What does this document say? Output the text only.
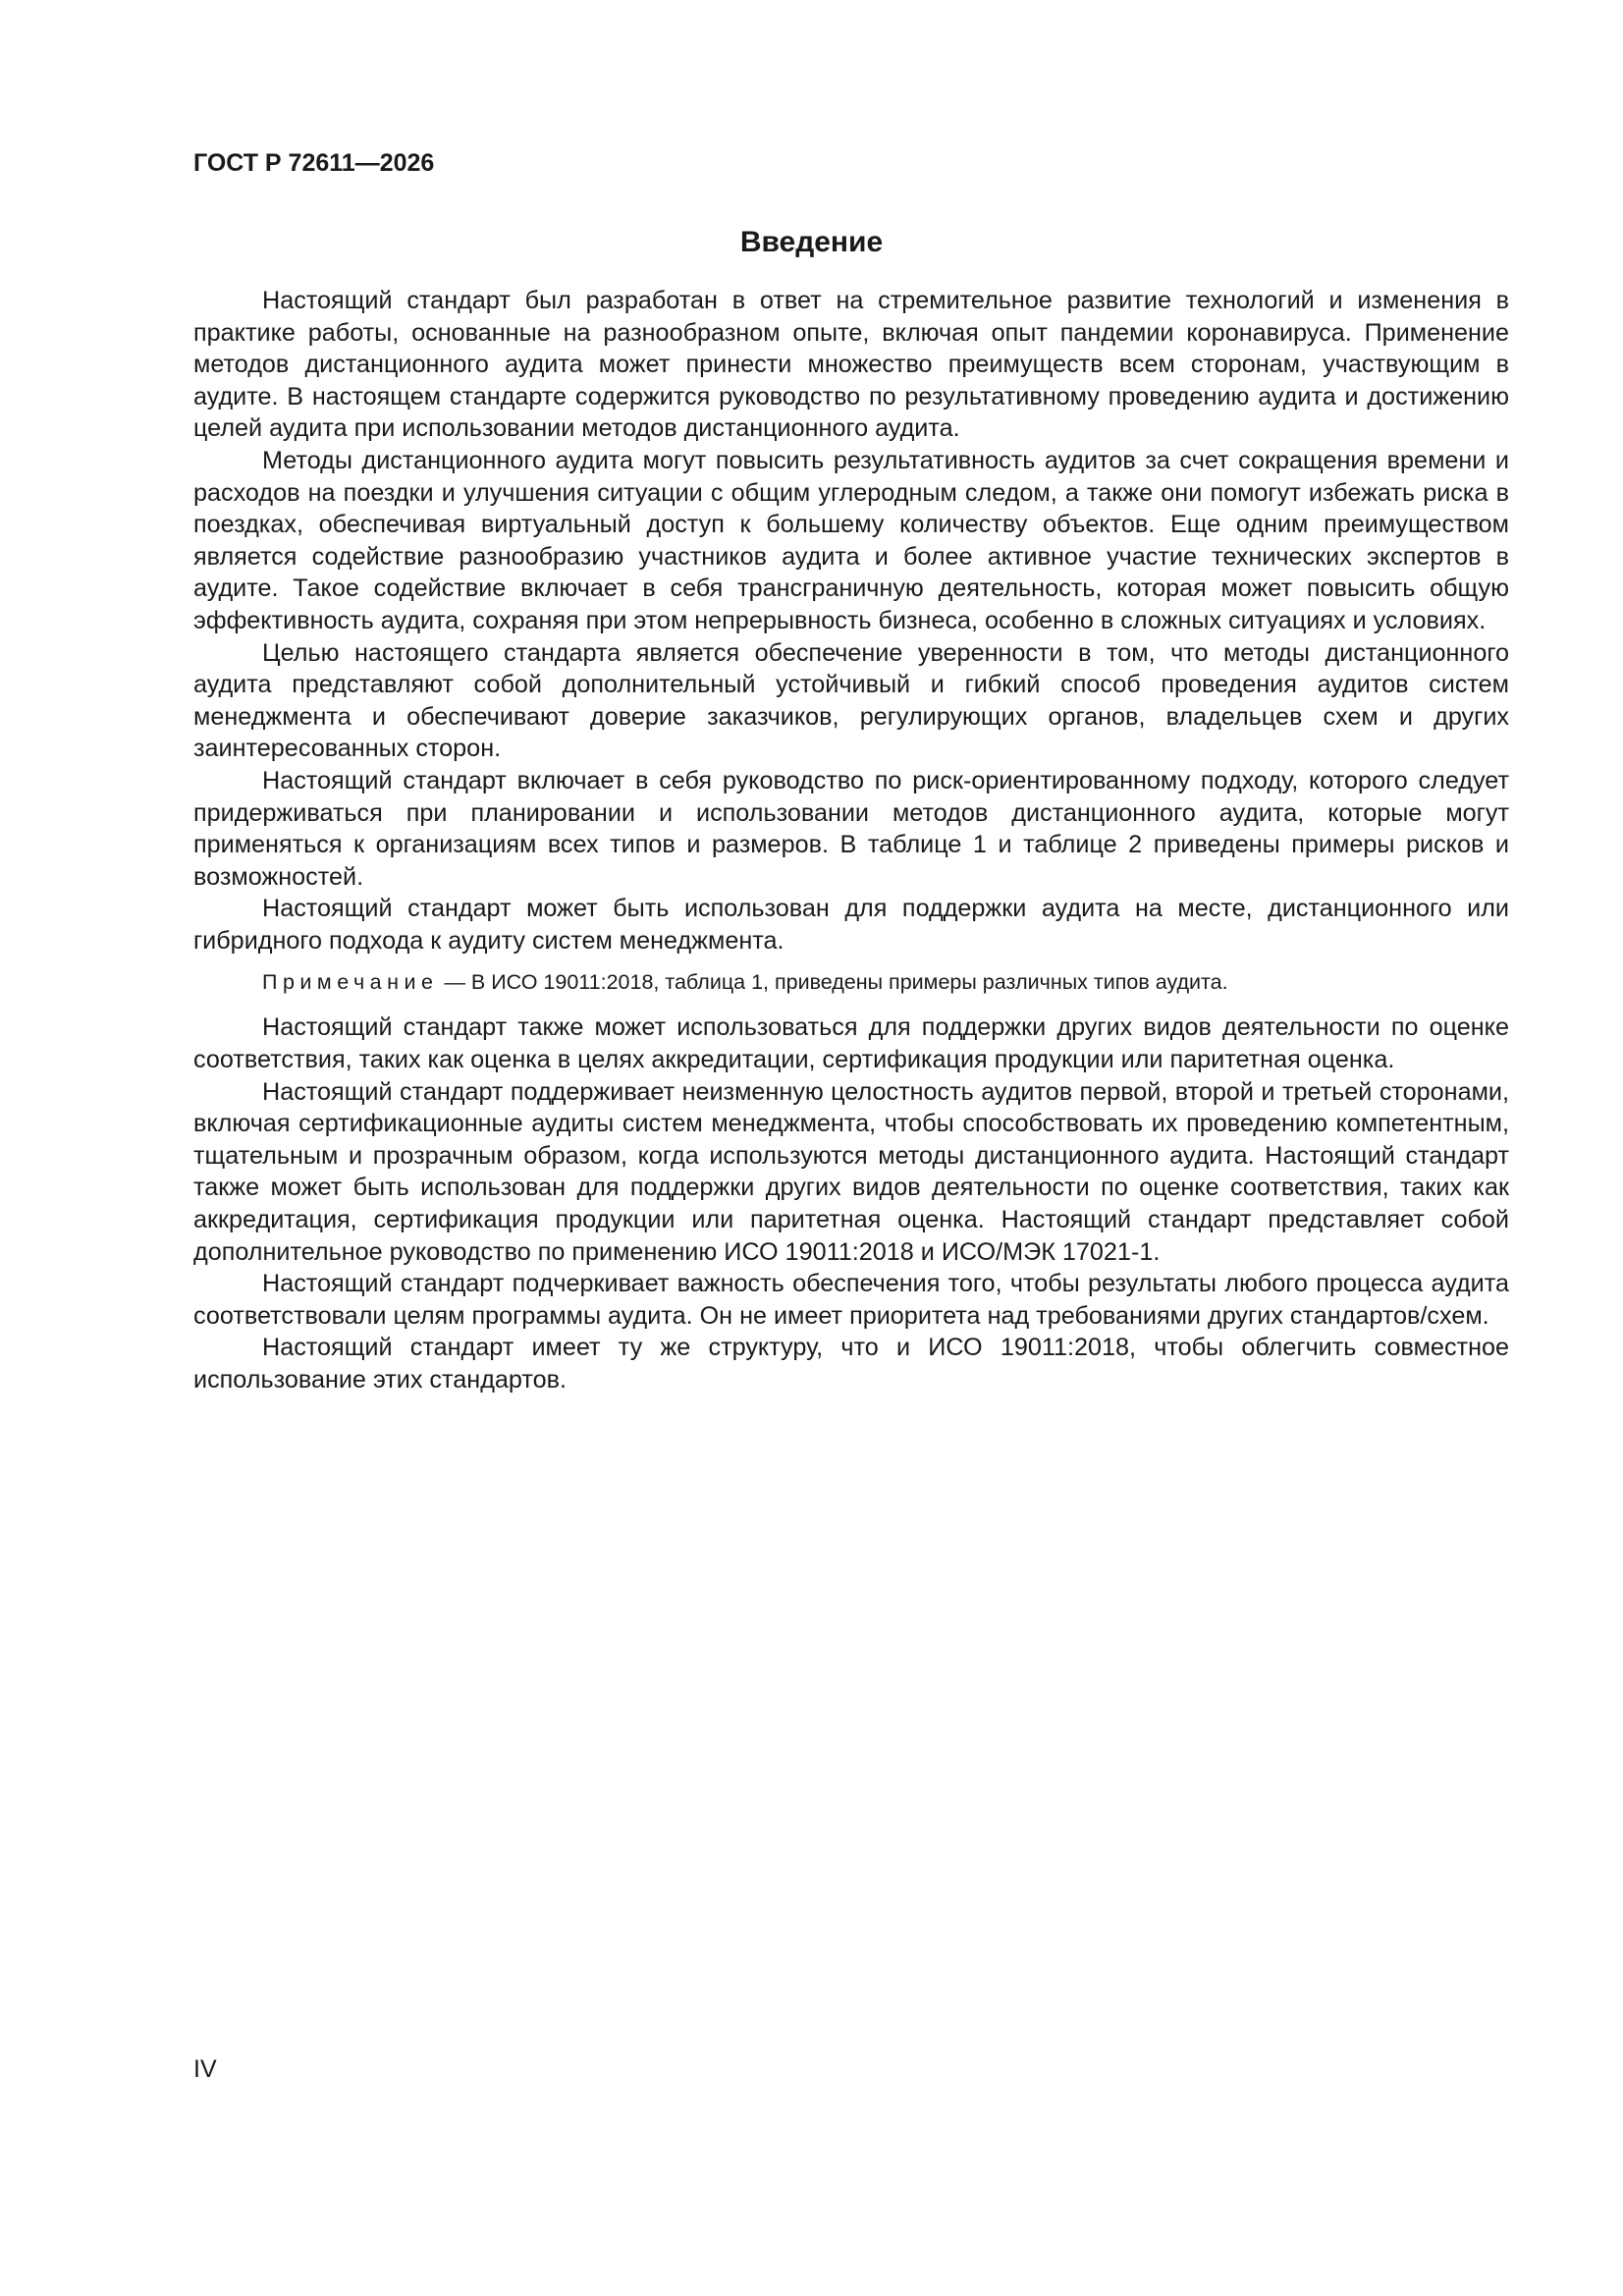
ГОСТ Р 72611—2026
Введение

Настоящий стандарт был разработан в ответ на стремительное развитие технологий и изменения в практике работы, основанные на разнообразном опыте, включая опыт пандемии коронавируса. Применение методов дистанционного аудита может принести множество преимуществ всем сторонам, участвующим в аудите. В настоящем стандарте содержится руководство по результативному проведению аудита и достижению целей аудита при использовании методов дистанционного аудита.

Методы дистанционного аудита могут повысить результативность аудитов за счет сокращения времени и расходов на поездки и улучшения ситуации с общим углеродным следом, а также они помогут избежать риска в поездках, обеспечивая виртуальный доступ к большему количеству объектов. Еще одним преимуществом является содействие разнообразию участников аудита и более активное участие технических экспертов в аудите. Такое содействие включает в себя трансграничную деятельность, которая может повысить общую эффективность аудита, сохраняя при этом непрерывность бизнеса, особенно в сложных ситуациях и условиях.

Целью настоящего стандарта является обеспечение уверенности в том, что методы дистанционного аудита представляют собой дополнительный устойчивый и гибкий способ проведения аудитов систем менеджмента и обеспечивают доверие заказчиков, регулирующих органов, владельцев схем и других заинтересованных сторон.

Настоящий стандарт включает в себя руководство по риск-ориентированному подходу, которого следует придерживаться при планировании и использовании методов дистанционного аудита, которые могут применяться к организациям всех типов и размеров. В таблице 1 и таблице 2 приведены примеры рисков и возможностей.

Настоящий стандарт может быть использован для поддержки аудита на месте, дистанционного или гибридного подхода к аудиту систем менеджмента.

Примечание — В ИСО 19011:2018, таблица 1, приведены примеры различных типов аудита.

Настоящий стандарт также может использоваться для поддержки других видов деятельности по оценке соответствия, таких как оценка в целях аккредитации, сертификация продукции или паритетная оценка.

Настоящий стандарт поддерживает неизменную целостность аудитов первой, второй и третьей сторонами, включая сертификационные аудиты систем менеджмента, чтобы способствовать их проведению компетентным, тщательным и прозрачным образом, когда используются методы дистанционного аудита. Настоящий стандарт также может быть использован для поддержки других видов деятельности по оценке соответствия, таких как аккредитация, сертификация продукции или паритетная оценка. Настоящий стандарт представляет собой дополнительное руководство по применению ИСО 19011:2018 и ИСО/МЭК 17021-1.

Настоящий стандарт подчеркивает важность обеспечения того, чтобы результаты любого процесса аудита соответствовали целям программы аудита. Он не имеет приоритета над требованиями других стандартов/схем.

Настоящий стандарт имеет ту же структуру, что и ИСО 19011:2018, чтобы облегчить совместное использование этих стандартов.

IV
